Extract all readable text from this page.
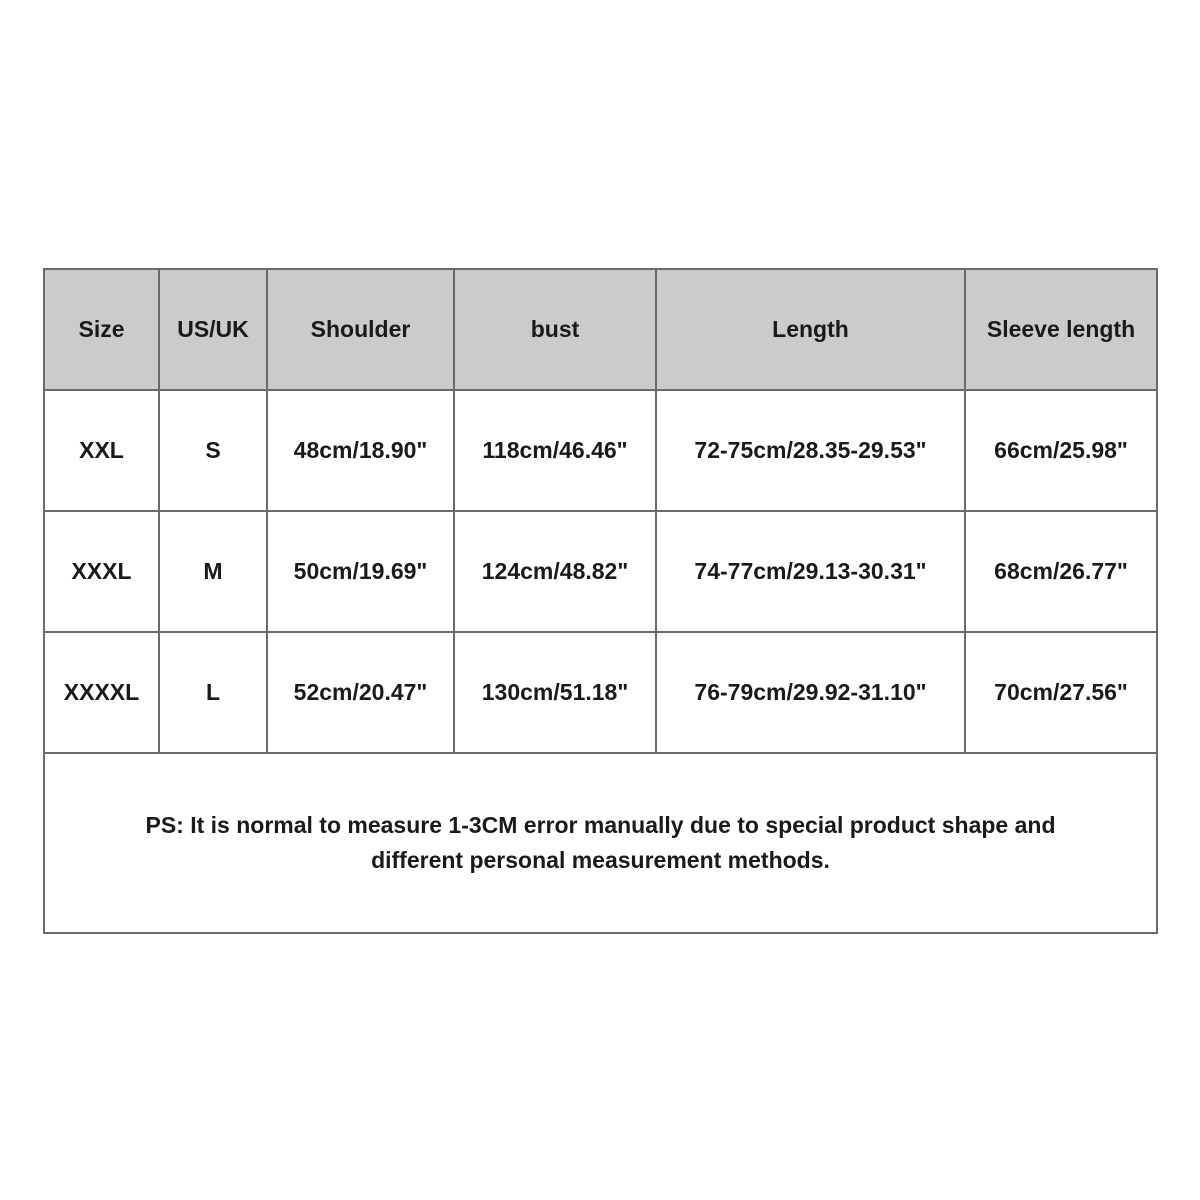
Size	US/UK	Shoulder	bust	Length	Sleeve length
XXL	S	48cm/18.90"	118cm/46.46"	72-75cm/28.35-29.53"	66cm/25.98"
XXXL	M	50cm/19.69"	124cm/48.82"	74-77cm/29.13-30.31"	68cm/26.77"
XXXXL	L	52cm/20.47"	130cm/51.18"	76-79cm/29.92-31.10"	70cm/27.56"

PS: It is normal to measure 1-3CM error manually due to special product shape and
different personal measurement methods.					
